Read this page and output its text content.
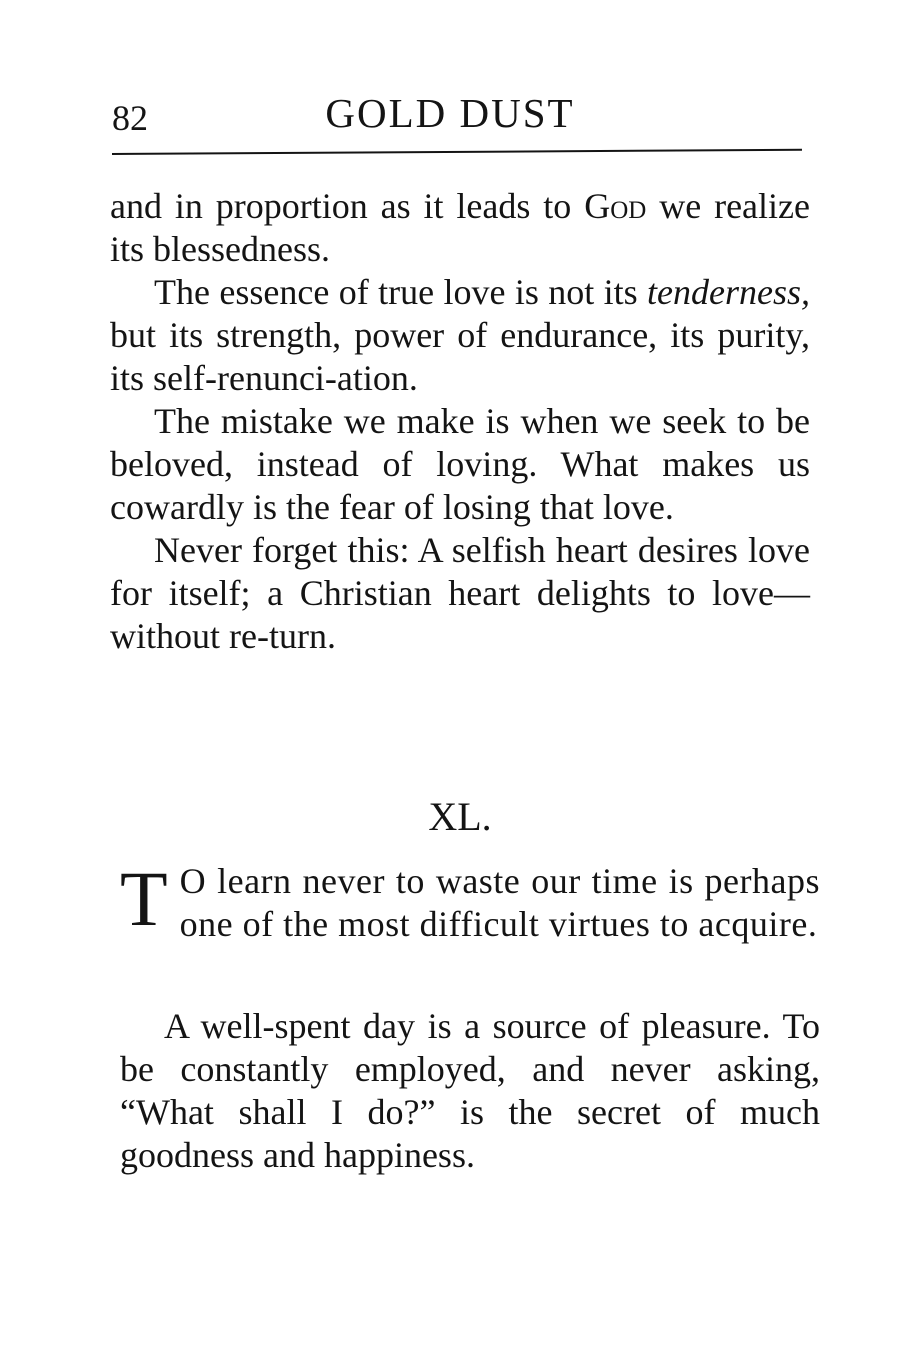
82	GOLD DUST

and in proportion as it leads to God we realize its blessedness.

The essence of true love is not its tenderness, but its strength, power of endurance, its purity, its self-renunci-ation.

The mistake we make is when we seek to be beloved, instead of loving. What makes us cowardly is the fear of losing that love.

Never forget this: A selfish heart desires love for itself; a Christian heart delights to love—without re-turn.

XL.
T O learn never to waste our time is perhaps one of the most difficult virtues to acquire.

A well-spent day is a source of pleasure. To be constantly employed, and never asking, “What shall I do?” is the secret of much goodness and happiness.
